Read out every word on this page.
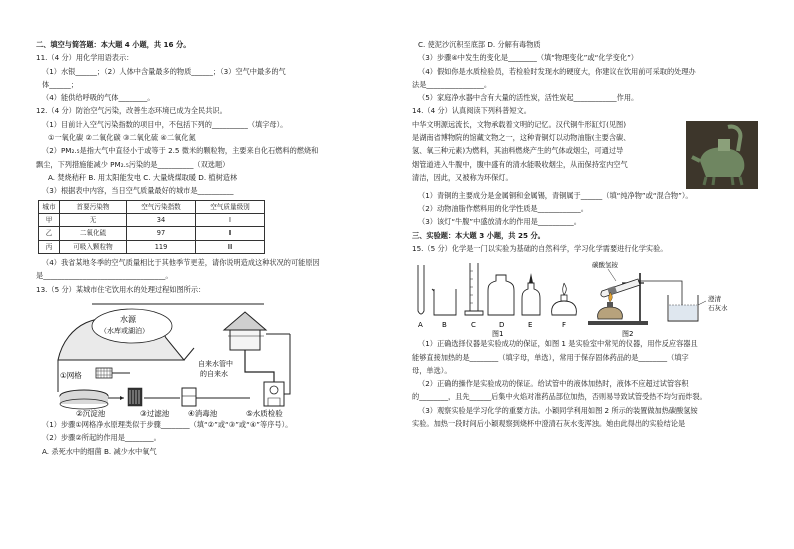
二、填空与简答题：本大题 4 小题，共 16 分。
11.（4 分）用化学用语表示：
（1）水银______；（2）人体中含量最多的物质______；（3）空气中最多的气
体______；
（4）能供给呼吸的气体________。
12.（4 分）防治空气污染，改善生态环境已成为全民共识。
（1）目前计入空气污染指数的项目中，不包括下列的__________（填字母）。
①一氧化碳 ②二氧化碳 ③二氧化硫 ④二氧化氮
（2）PM₂.₅是指大气中直径小于或等于 2.5 微米的颗粒物，主要来自化石燃料的燃烧和
飘尘，下列措施能减少 PM₂.₅污染的是__________（双选题）
A. 焚烧秸秆 B. 用太阳能发电 C. 大量烧煤取暖 D. 植树造林
（3）根据表中内容，当日空气质量最好的城市是__________
城市	首要污染物	空气污染指数	空气质量级别
甲	无	34	Ⅰ
乙	二氧化硫	97	Ⅱ
丙	可吸入颗粒物	119	Ⅲ
（4）我省某地冬季的空气质量相比于其他季节更差，请你说明造成这种状况的可能原因
是__________________________________。
13.（5 分）某城市住宅饮用水的处理过程如图所示：
水源
（水库或湖泊）
自来水管中
的自来水
①网格
②沉淀池	③过滤池	④消毒池	⑤水质检验
（1）步骤①网格净水原理类似于步骤________（填“②”或“③”或“④”等序号）。
（2）步骤②所起的作用是________。
A. 杀死水中的细菌 B. 减少水中氧气
C. 使泥沙沉积至底部 D. 分解有毒物质
（3）步骤④中发生的变化是________（填“物理变化”或“化学变化”）
（4）假如你是水质检验员，若检验时发现水的硬度大，你建议在饮用前可采取的处理办
法是________________。
（5）家庭净水器中含有大量的活性炭，活性炭起____________作用。
14.（4 分）认真阅读下列科普短文。
中华文明源远流长，文物承载着文明的记忆。汉代铜牛形缸灯(见图)
是湖南省博物院的馆藏文物之一，这种青铜灯以动物油脂(主要含碳、
氢、氧三种元素)为燃料，其油料燃烧产生的气体或烟尘，可通过导
烟管道进入牛腹中，腹中盛有的清水能吸收烟尘，从而保持室内空气
清洁，因此，又被称为环保灯。
（1）青铜的主要成分是金属铜和金属锡，青铜属于______（填“纯净物”或“混合物”）。
（2）动物油脂作燃料用的化学性质是____________。
（3）该灯“牛腹”中盛放清水的作用是__________。
三、实验题：本大题 3 小题，共 25 分。
15.（5 分）化学是一门以实验为基础的自然科学，学习化学需要进行化学实验。
A	B	C	D	E	F
图1
碳酸氢铵
澄清
石灰水
图2
（1）正确选择仪器是实验成功的保证，如图 1 是实验室中常见的仪器，用作反应容器且
能够直接加热的是________（填字母，单选），常用于保存固体药品的是________（填字
母，单选）。
（2）正确的操作是实验成功的保证。给试管中的液体加热时，液体不应超过试管容积
的________，且先______后集中火焰对准药品部位加热，否则易导致试管受热不均匀而炸裂。
（3）观察实验是学习化学的重要方法。小颖同学利用如图 2 所示的装置做加热碳酸氢铵
实验。加热一段时间后小颖观察到烧杯中澄清石灰水变浑浊。她由此得出的实验结论是
